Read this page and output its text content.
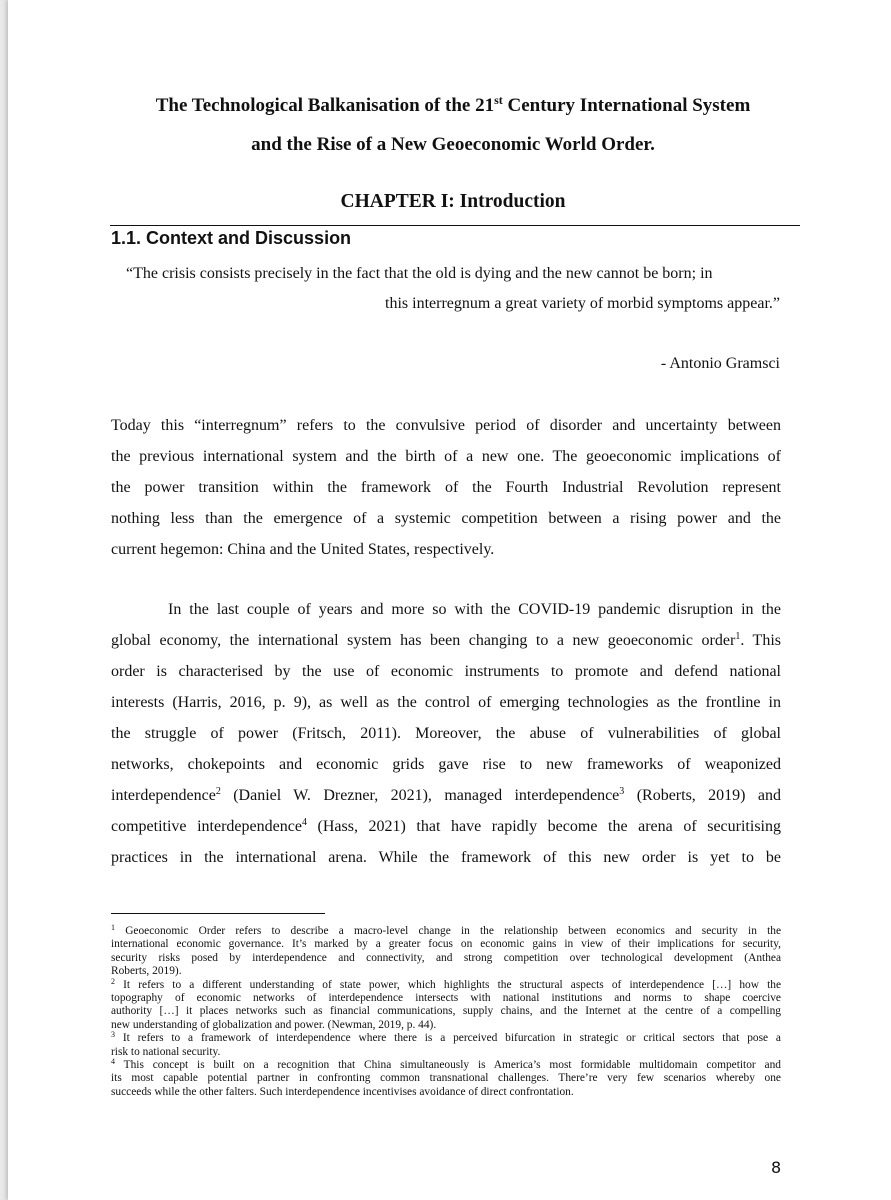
The Technological Balkanisation of the 21st Century International System
and the Rise of a New Geoeconomic World Order.
CHAPTER I: Introduction
1.1. Context and Discussion
“The crisis consists precisely in the fact that the old is dying and the new cannot be born; in
this interregnum a great variety of morbid symptoms appear.”
- Antonio Gramsci
Today this “interregnum” refers to the convulsive period of disorder and uncertainty between
the previous international system and the birth of a new one. The geoeconomic implications of
the power transition within the framework of the Fourth Industrial Revolution represent
nothing less than the emergence of a systemic competition between a rising power and the
current hegemon: China and the United States, respectively.
In the last couple of years and more so with the COVID-19 pandemic disruption in the
global economy, the international system has been changing to a new geoeconomic order$^1$. This
order is characterised by the use of economic instruments to promote and defend national
interests (Harris, 2016, p. 9), as well as the control of emerging technologies as the frontline in
the struggle of power (Fritsch, 2011). Moreover, the abuse of vulnerabilities of global
networks, chokepoints and economic grids gave rise to new frameworks of weaponized
interdependence$^2$ (Daniel W. Drezner, 2021), managed interdependence$^3$ (Roberts, 2019) and
competitive interdependence$^4$ (Hass, 2021) that have rapidly become the arena of securitising
practices in the international arena. While the framework of this new order is yet to be
$^1$ Geoeconomic Order refers to describe a macro-level change in the relationship between economics and security in the
international economic governance. It’s marked by a greater focus on economic gains in view of their implications for security,
security risks posed by interdependence and connectivity, and strong competition over technological development (Anthea
Roberts, 2019).
$^2$ It refers to a different understanding of state power, which highlights the structural aspects of interdependence […] how the
topography of economic networks of interdependence intersects with national institutions and norms to shape coercive
authority […] it places networks such as financial communications, supply chains, and the Internet at the centre of a compelling
new understanding of globalization and power. (Newman, 2019, p. 44).
$^3$ It refers to a framework of interdependence where there is a perceived bifurcation in strategic or critical sectors that pose a
risk to national security.
$^4$ This concept is built on a recognition that China simultaneously is America’s most formidable multidomain competitor and
its most capable potential partner in confronting common transnational challenges. There’re very few scenarios whereby one
succeeds while the other falters. Such interdependence incentivises avoidance of direct confrontation.
8
